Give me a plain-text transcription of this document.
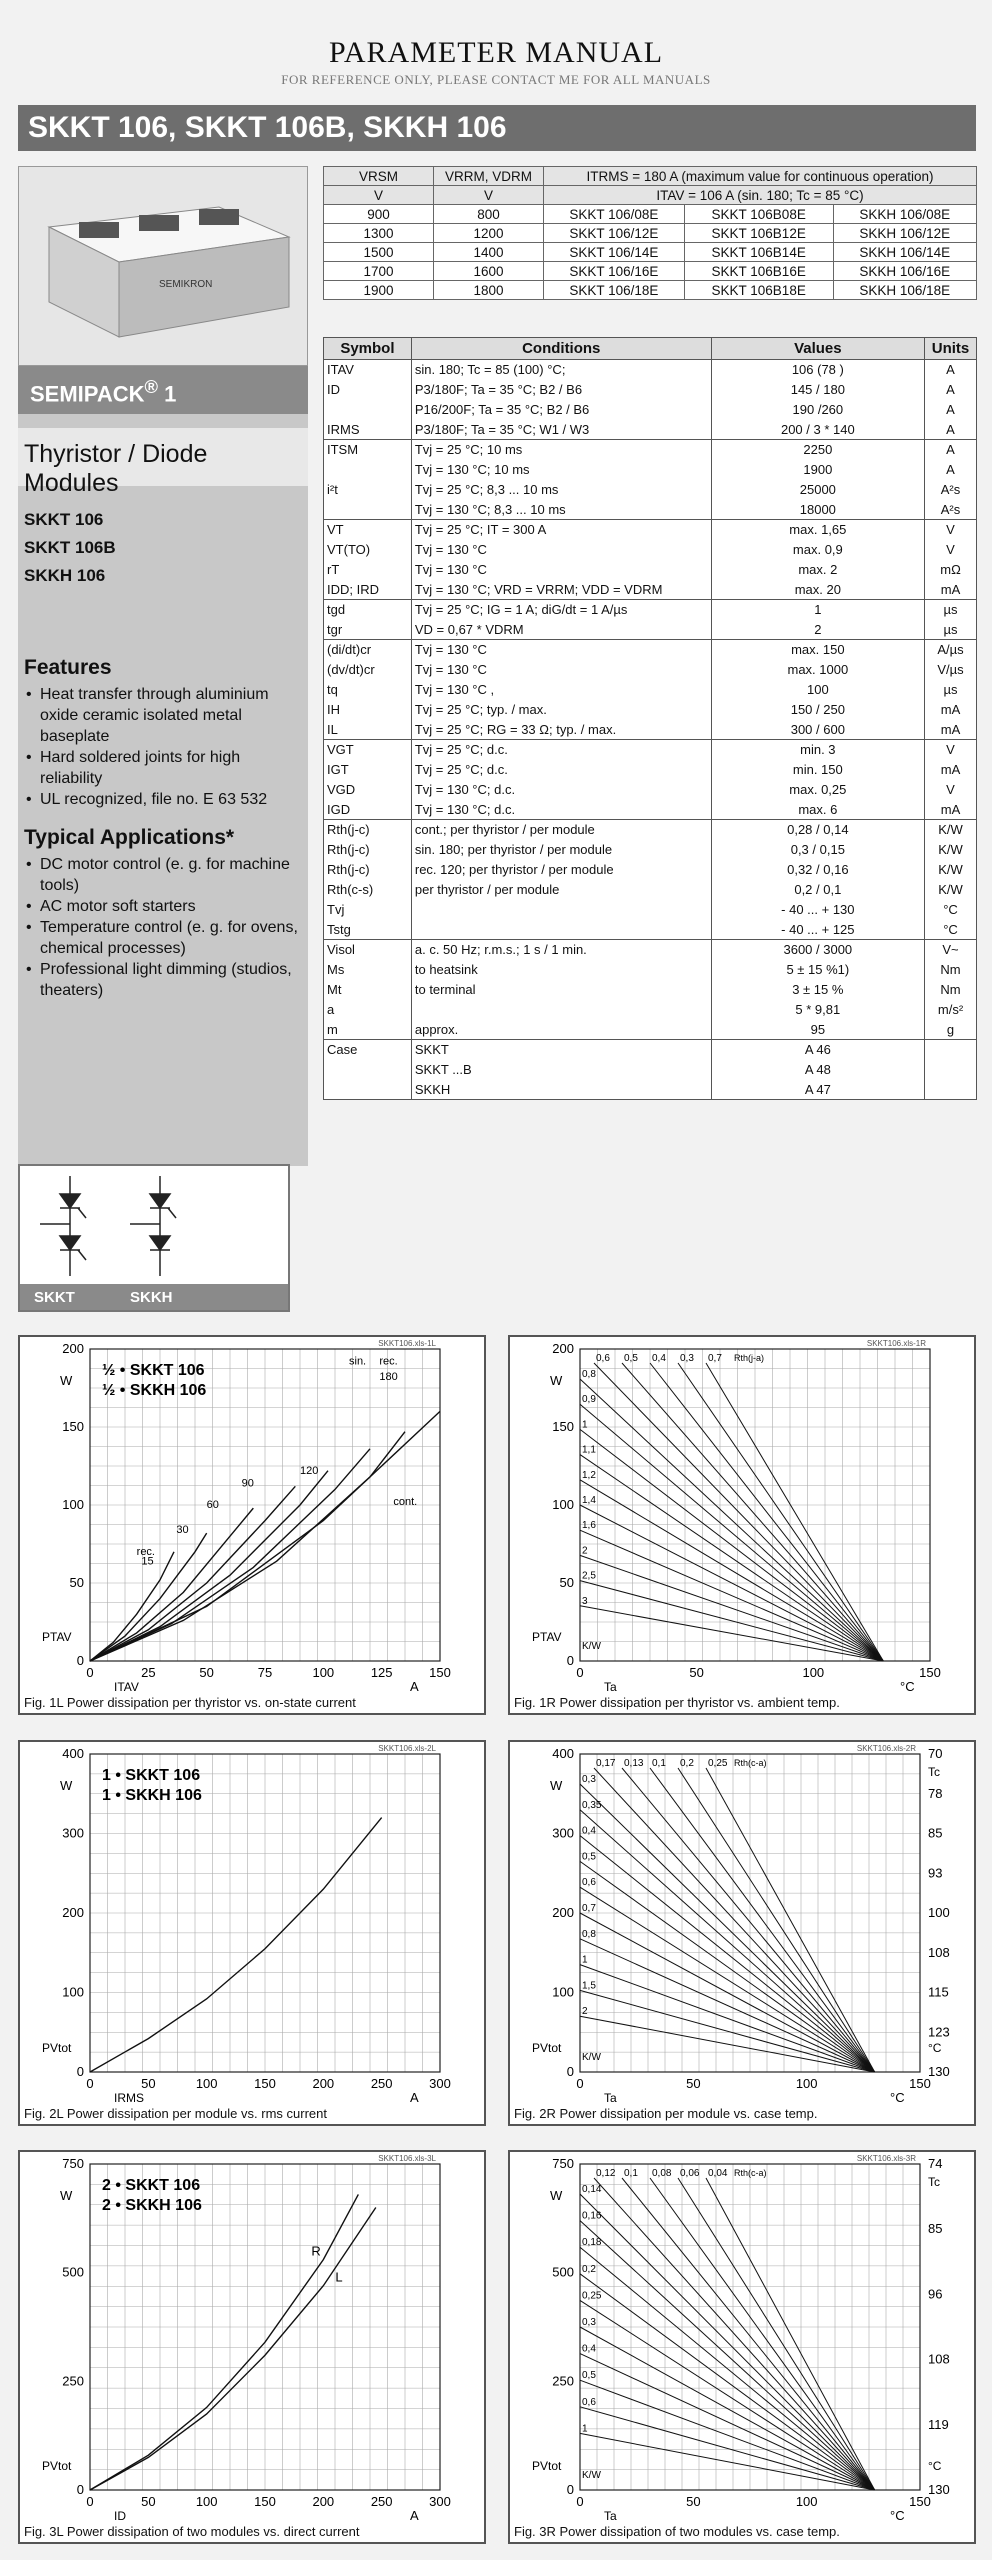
PARAMETER MANUAL
FOR REFERENCE ONLY, PLEASE CONTACT ME FOR ALL MANUALS
SKKT 106, SKKT 106B, SKKH 106
SEMIKRON
SEMIPACK® 1
Thyristor / Diode Modules
SKKT 106
SKKT 106B
SKKH 106
Features
• Heat transfer through aluminium oxide ceramic isolated metal baseplate
• Hard soldered joints for high reliability
• UL recognized, file no. E 63 532
Typical Applications*
• DC motor control (e. g. for machine tools)
• AC motor soft starters
• Temperature control (e. g. for ovens, chemical processes)
• Professional light dimming (studios, theaters)
SKKT	SKKH
VRSM	VRRM, VDRM	ITRMS = 180 A (maximum value for continuous operation)		
V	V	ITAV = 106 A (sin. 180; Tc = 85 °C)		
900	800	SKKT 106/08E	SKKT 106B08E	SKKH 106/08E
1300	1200	SKKT 106/12E	SKKT 106B12E	SKKH 106/12E
1500	1400	SKKT 106/14E	SKKT 106B14E	SKKH 106/14E
1700	1600	SKKT 106/16E	SKKT 106B16E	SKKH 106/16E
1900	1800	SKKT 106/18E	SKKT 106B18E	SKKH 106/18E
Symbol	Conditions	Values	Units
ITAV	sin. 180; Tc = 85 (100) °C;	106 (78 )	A
ID	P3/180F; Ta = 35 °C; B2 / B6	145 / 180	A
	P16/200F; Ta = 35 °C; B2 / B6	190 /260	A
IRMS	P3/180F; Ta = 35 °C; W1 / W3	200 / 3 * 140	A
ITSM	Tvj = 25 °C; 10 ms	2250	A
	Tvj = 130 °C; 10 ms	1900	A
i²t	Tvj = 25 °C; 8,3 ... 10 ms	25000	A²s
	Tvj = 130 °C; 8,3 ... 10 ms	18000	A²s
VT	Tvj = 25 °C; IT = 300 A	max. 1,65	V
VT(TO)	Tvj = 130 °C	max. 0,9	V
rT	Tvj = 130 °C	max. 2	mΩ
IDD; IRD	Tvj = 130 °C; VRD = VRRM; VDD = VDRM	max. 20	mA
tgd	Tvj = 25 °C; IG = 1 A; diG/dt = 1 A/µs	1	µs
tgr	VD = 0,67 * VDRM	2	µs
(di/dt)cr	Tvj = 130 °C	max. 150	A/µs
(dv/dt)cr	Tvj = 130 °C	max. 1000	V/µs
tq	Tvj = 130 °C ,	100	µs
IH	Tvj = 25 °C; typ. / max.	150 / 250	mA
IL	Tvj = 25 °C; RG = 33 Ω; typ. / max.	300 / 600	mA
VGT	Tvj = 25 °C; d.c.	min. 3	V
IGT	Tvj = 25 °C; d.c.	min. 150	mA
VGD	Tvj = 130 °C; d.c.	max. 0,25	V
IGD	Tvj = 130 °C; d.c.	max. 6	mA
Rth(j-c)	cont.; per thyristor / per module	0,28 / 0,14	K/W
Rth(j-c)	sin. 180; per thyristor / per module	0,3 / 0,15	K/W
Rth(j-c)	rec. 120; per thyristor / per module	0,32 / 0,16	K/W
Rth(c-s)	per thyristor / per module	0,2 / 0,1	K/W
Tvj		- 40 ... + 130	°C
Tstg		- 40 ... + 125	°C
Visol	a. c. 50 Hz; r.m.s.; 1 s / 1 min.	3600 / 3000	V~
Ms	to heatsink	5 ± 15 %1)	Nm
Mt	to terminal	3 ± 15 %	Nm
a		5 * 9,81	m/s²
m	approx.	95	g
Case	SKKT	A 46	
	SKKT ...B	A 48	
	SKKH	A 47	
0	25	50	75	100	125	150
0
50
100
150
200
W
PTAV
ITAV	A
SKKT106.xls-1L
½ • SKKT 106
½ • SKKH 106
rec.
15
30
60
90
120
sin. rec.
180
cont.
Fig. 1L Power dissipation per thyristor vs. on-state current
0	50	100	150
0
50
100
150
200
W
PTAV
Ta	°C
SKKT106.xls-1R
0,6 0,5 0,4 0,3 0,7 Rth(j-a)
0,8
0,9
1
1,1
1,2
1,4
1,6
2
2,5
3
K/W
Fig. 1R Power dissipation per thyristor vs. ambient temp.
0	50	100	150	200	250	300
0
100
200
300
400
W
PVtot
IRMS	A
SKKT106.xls-2L
1 • SKKT 106
1 • SKKH 106
Fig. 2L Power dissipation per module vs. rms current
0	50	100	150
0
100
200
300
400
W
PVtot
Ta	°C
SKKT106.xls-2R
0,17 0,13 0,1 0,2 0,25 Rth(c-a)
0,3
0,35
0,4
0,5
0,6
0,7
0,8
1
1,5
2
K/W
70
78
85
93
100
108
115
123
130
Tc
°C
Fig. 2R Power dissipation per module vs. case temp.
0	50	100	150	200	250	300
0
250
500
750
W
PVtot
ID	A
SKKT106.xls-3L
2 • SKKT 106
2 • SKKH 106
R
L
Fig. 3L Power dissipation of two modules vs. direct current
0	50	100	150
0
250
500
750
W
PVtot
Ta	°C
SKKT106.xls-3R
0,12 0,1 0,08 0,06 0,04 Rth(c-a)
0,14
0,16
0,18
0,2
0,25
0,3
0,4
0,5
0,6
1
K/W
74
85
96
108
119
130
Tc
°C
Fig. 3R Power dissipation of two modules vs. case temp.
